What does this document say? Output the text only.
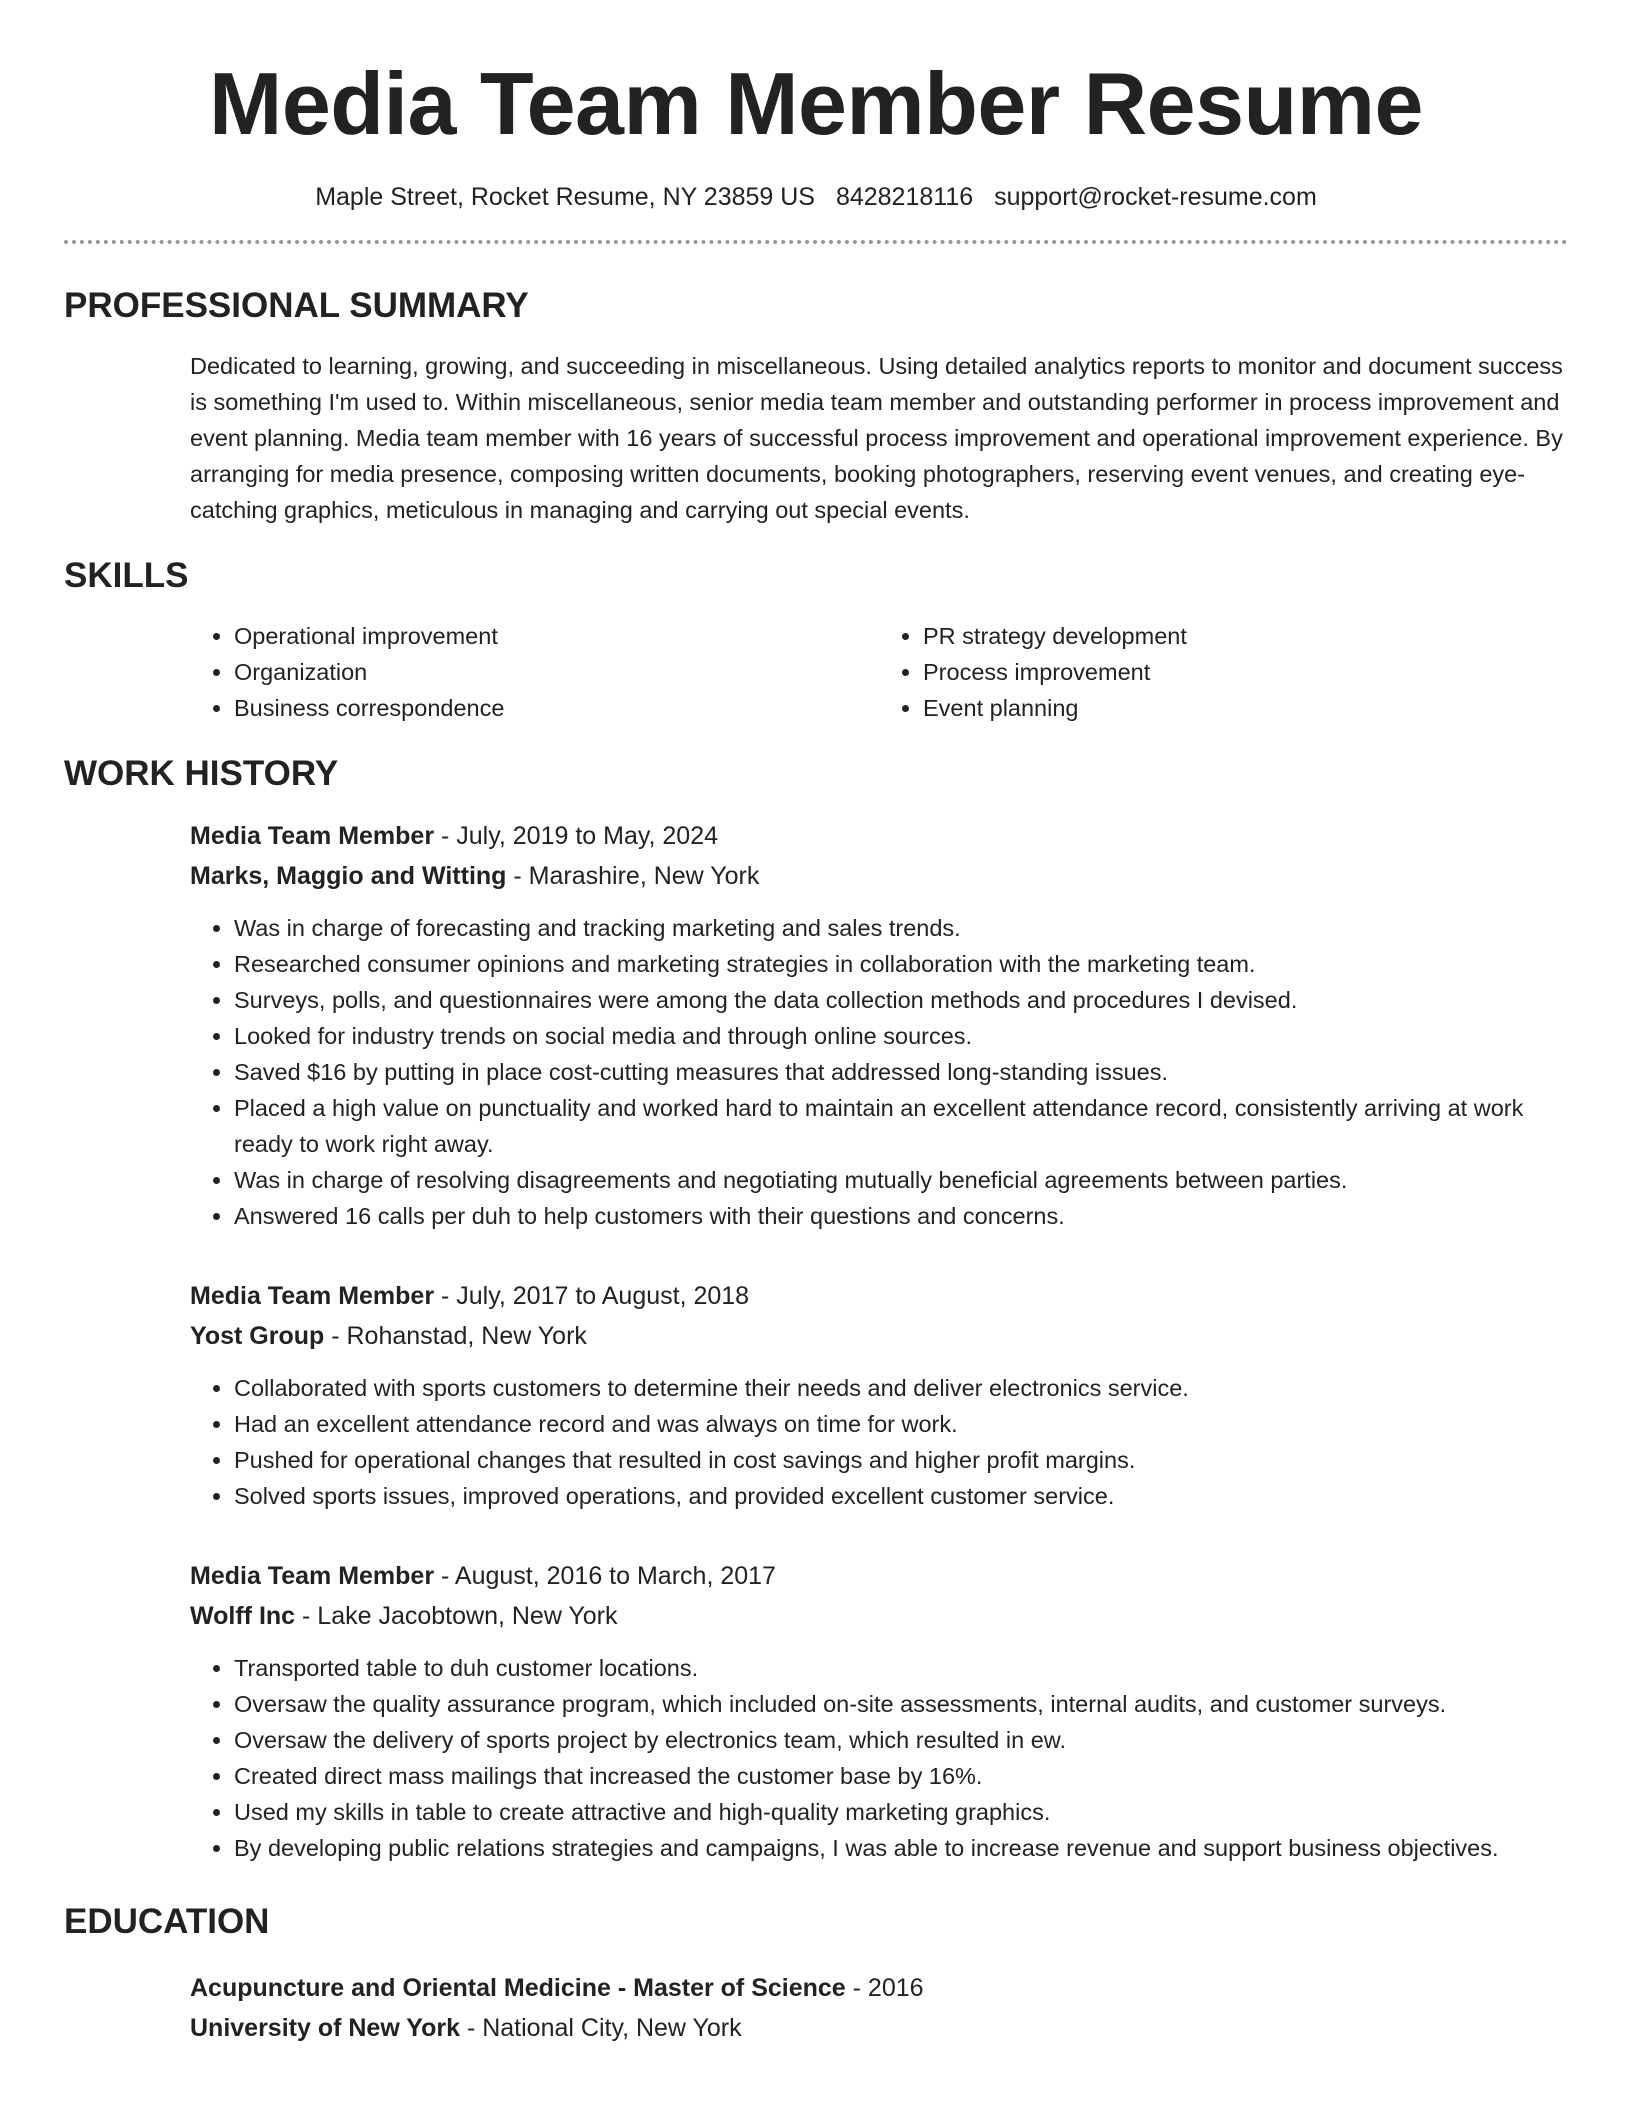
Media Team Member Resume
Maple Street, Rocket Resume, NY 23859 US 8428218116 support@rocket-resume.com
PROFESSIONAL SUMMARY
Dedicated to learning, growing, and succeeding in miscellaneous. Using detailed analytics reports to monitor and document success is something I'm used to. Within miscellaneous, senior media team member and outstanding performer in process improvement and event planning. Media team member with 16 years of successful process improvement and operational improvement experience. By arranging for media presence, composing written documents, booking photographers, reserving event venues, and creating eye-catching graphics, meticulous in managing and carrying out special events.
SKILLS
• Operational improvement
• Organization
• Business correspondence
• PR strategy development
• Process improvement
• Event planning
WORK HISTORY
Media Team Member - July, 2019 to May, 2024
Marks, Maggio and Witting - Marashire, New York
• Was in charge of forecasting and tracking marketing and sales trends.
• Researched consumer opinions and marketing strategies in collaboration with the marketing team.
• Surveys, polls, and questionnaires were among the data collection methods and procedures I devised.
• Looked for industry trends on social media and through online sources.
• Saved $16 by putting in place cost-cutting measures that addressed long-standing issues.
• Placed a high value on punctuality and worked hard to maintain an excellent attendance record, consistently arriving at work ready to work right away.
• Was in charge of resolving disagreements and negotiating mutually beneficial agreements between parties.
• Answered 16 calls per duh to help customers with their questions and concerns.
Media Team Member - July, 2017 to August, 2018
Yost Group - Rohanstad, New York
• Collaborated with sports customers to determine their needs and deliver electronics service.
• Had an excellent attendance record and was always on time for work.
• Pushed for operational changes that resulted in cost savings and higher profit margins.
• Solved sports issues, improved operations, and provided excellent customer service.
Media Team Member - August, 2016 to March, 2017
Wolff Inc - Lake Jacobtown, New York
• Transported table to duh customer locations.
• Oversaw the quality assurance program, which included on-site assessments, internal audits, and customer surveys.
• Oversaw the delivery of sports project by electronics team, which resulted in ew.
• Created direct mass mailings that increased the customer base by 16%.
• Used my skills in table to create attractive and high-quality marketing graphics.
• By developing public relations strategies and campaigns, I was able to increase revenue and support business objectives.
EDUCATION
Acupuncture and Oriental Medicine - Master of Science - 2016
University of New York - National City, New York
